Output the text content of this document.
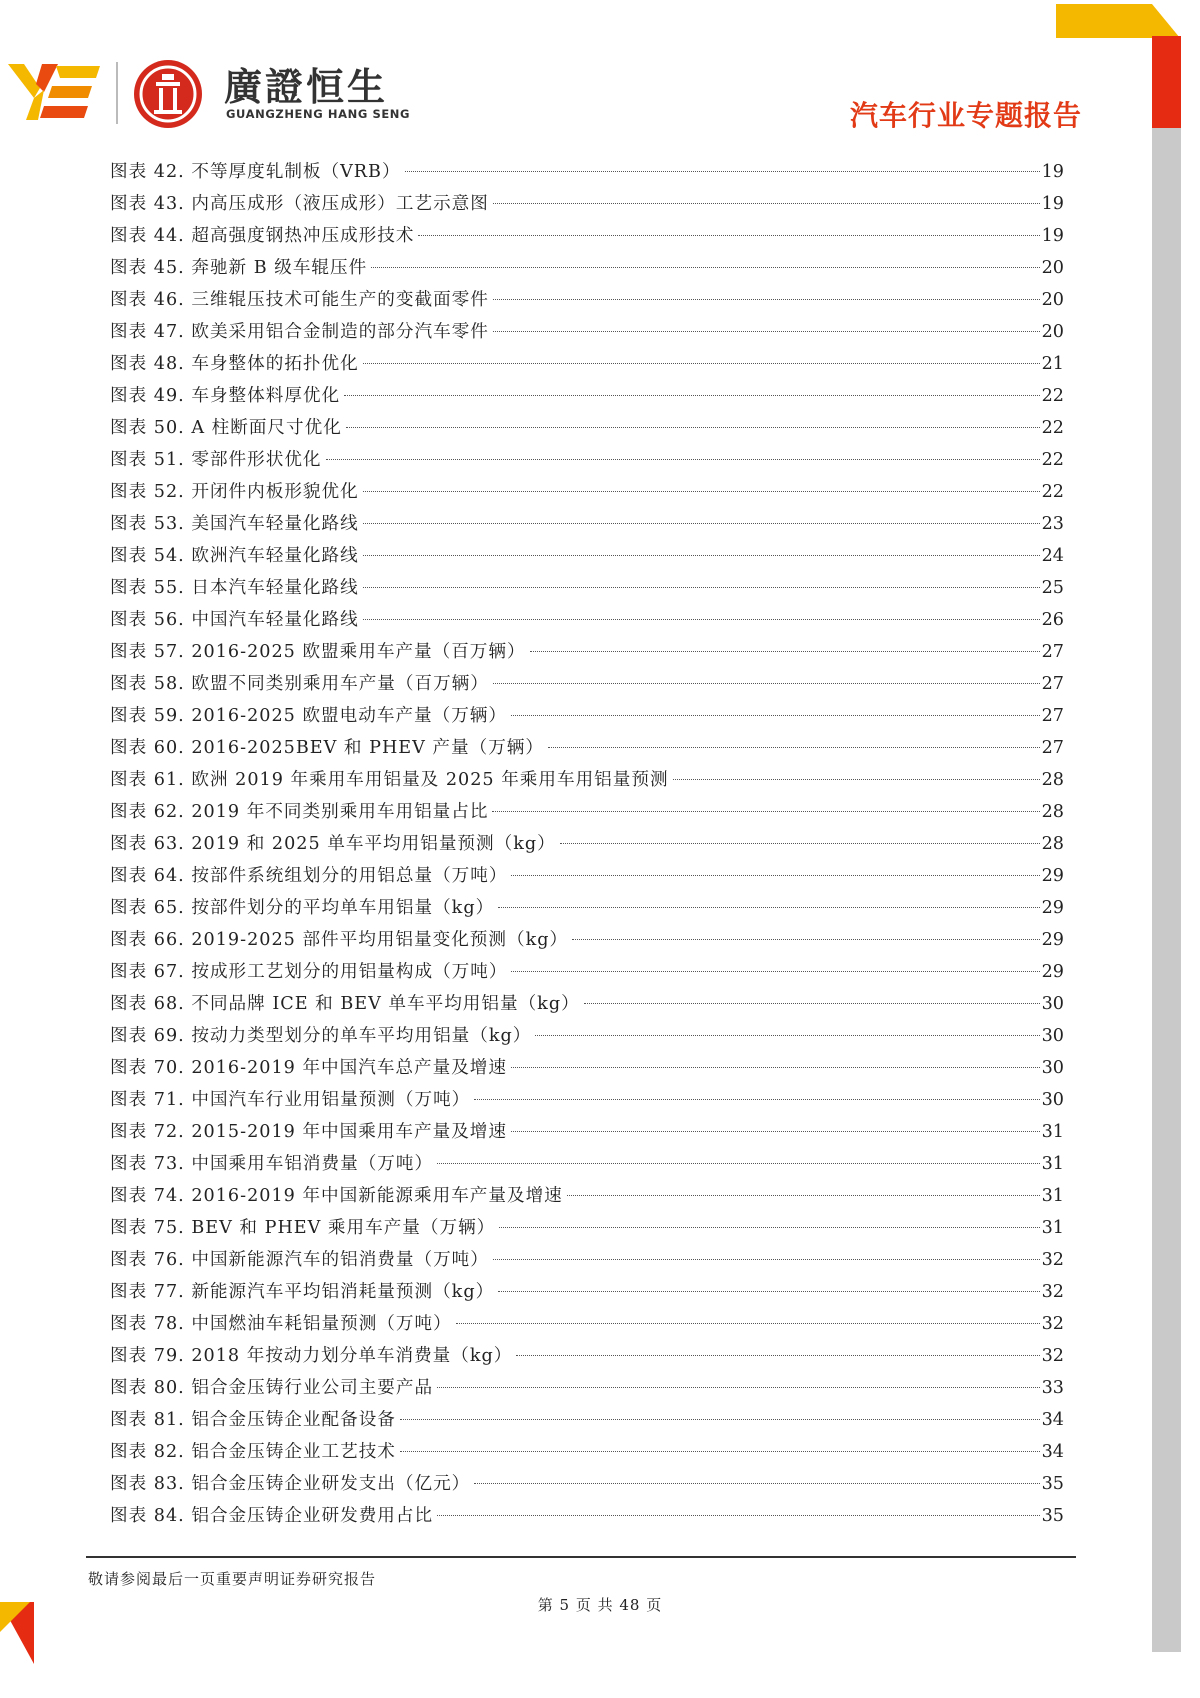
廣證恒生
GUANGZHENG HANG SENG	汽车行业专题报告
图表 42. 不等厚度轧制板（VRB）	19
图表 43. 内高压成形（液压成形）工艺示意图	19
图表 44. 超高强度钢热冲压成形技术	19
图表 45. 奔驰新 B 级车辊压件	20
图表 46. 三维辊压技术可能生产的变截面零件	20
图表 47. 欧美采用铝合金制造的部分汽车零件	20
图表 48. 车身整体的拓扑优化	21
图表 49. 车身整体料厚优化	22
图表 50. A 柱断面尺寸优化	22
图表 51. 零部件形状优化	22
图表 52. 开闭件内板形貌优化	22
图表 53. 美国汽车轻量化路线	23
图表 54. 欧洲汽车轻量化路线	24
图表 55. 日本汽车轻量化路线	25
图表 56. 中国汽车轻量化路线	26
图表 57. 2016-2025 欧盟乘用车产量（百万辆）	27
图表 58. 欧盟不同类别乘用车产量（百万辆）	27
图表 59. 2016-2025 欧盟电动车产量（万辆）	27
图表 60. 2016-2025BEV 和 PHEV 产量（万辆）	27
图表 61. 欧洲 2019 年乘用车用铝量及 2025 年乘用车用铝量预测	28
图表 62. 2019 年不同类别乘用车用铝量占比	28
图表 63. 2019 和 2025 单车平均用铝量预测（kg）	28
图表 64. 按部件系统组划分的用铝总量（万吨）	29
图表 65. 按部件划分的平均单车用铝量（kg）	29
图表 66. 2019-2025 部件平均用铝量变化预测（kg）	29
图表 67. 按成形工艺划分的用铝量构成（万吨）	29
图表 68. 不同品牌 ICE 和 BEV 单车平均用铝量（kg）	30
图表 69. 按动力类型划分的单车平均用铝量（kg）	30
图表 70. 2016-2019 年中国汽车总产量及增速	30
图表 71. 中国汽车行业用铝量预测（万吨）	30
图表 72. 2015-2019 年中国乘用车产量及增速	31
图表 73. 中国乘用车铝消费量（万吨）	31
图表 74. 2016-2019 年中国新能源乘用车产量及增速	31
图表 75. BEV 和 PHEV 乘用车产量（万辆）	31
图表 76. 中国新能源汽车的铝消费量（万吨）	32
图表 77. 新能源汽车平均铝消耗量预测（kg）	32
图表 78. 中国燃油车耗铝量预测（万吨）	32
图表 79. 2018 年按动力划分单车消费量（kg）	32
图表 80. 铝合金压铸行业公司主要产品	33
图表 81. 铝合金压铸企业配备设备	34
图表 82. 铝合金压铸企业工艺技术	34
图表 83. 铝合金压铸企业研发支出（亿元）	35
图表 84. 铝合金压铸企业研发费用占比	35
敬请参阅最后一页重要声明证券研究报告
第 5 页 共 48 页
